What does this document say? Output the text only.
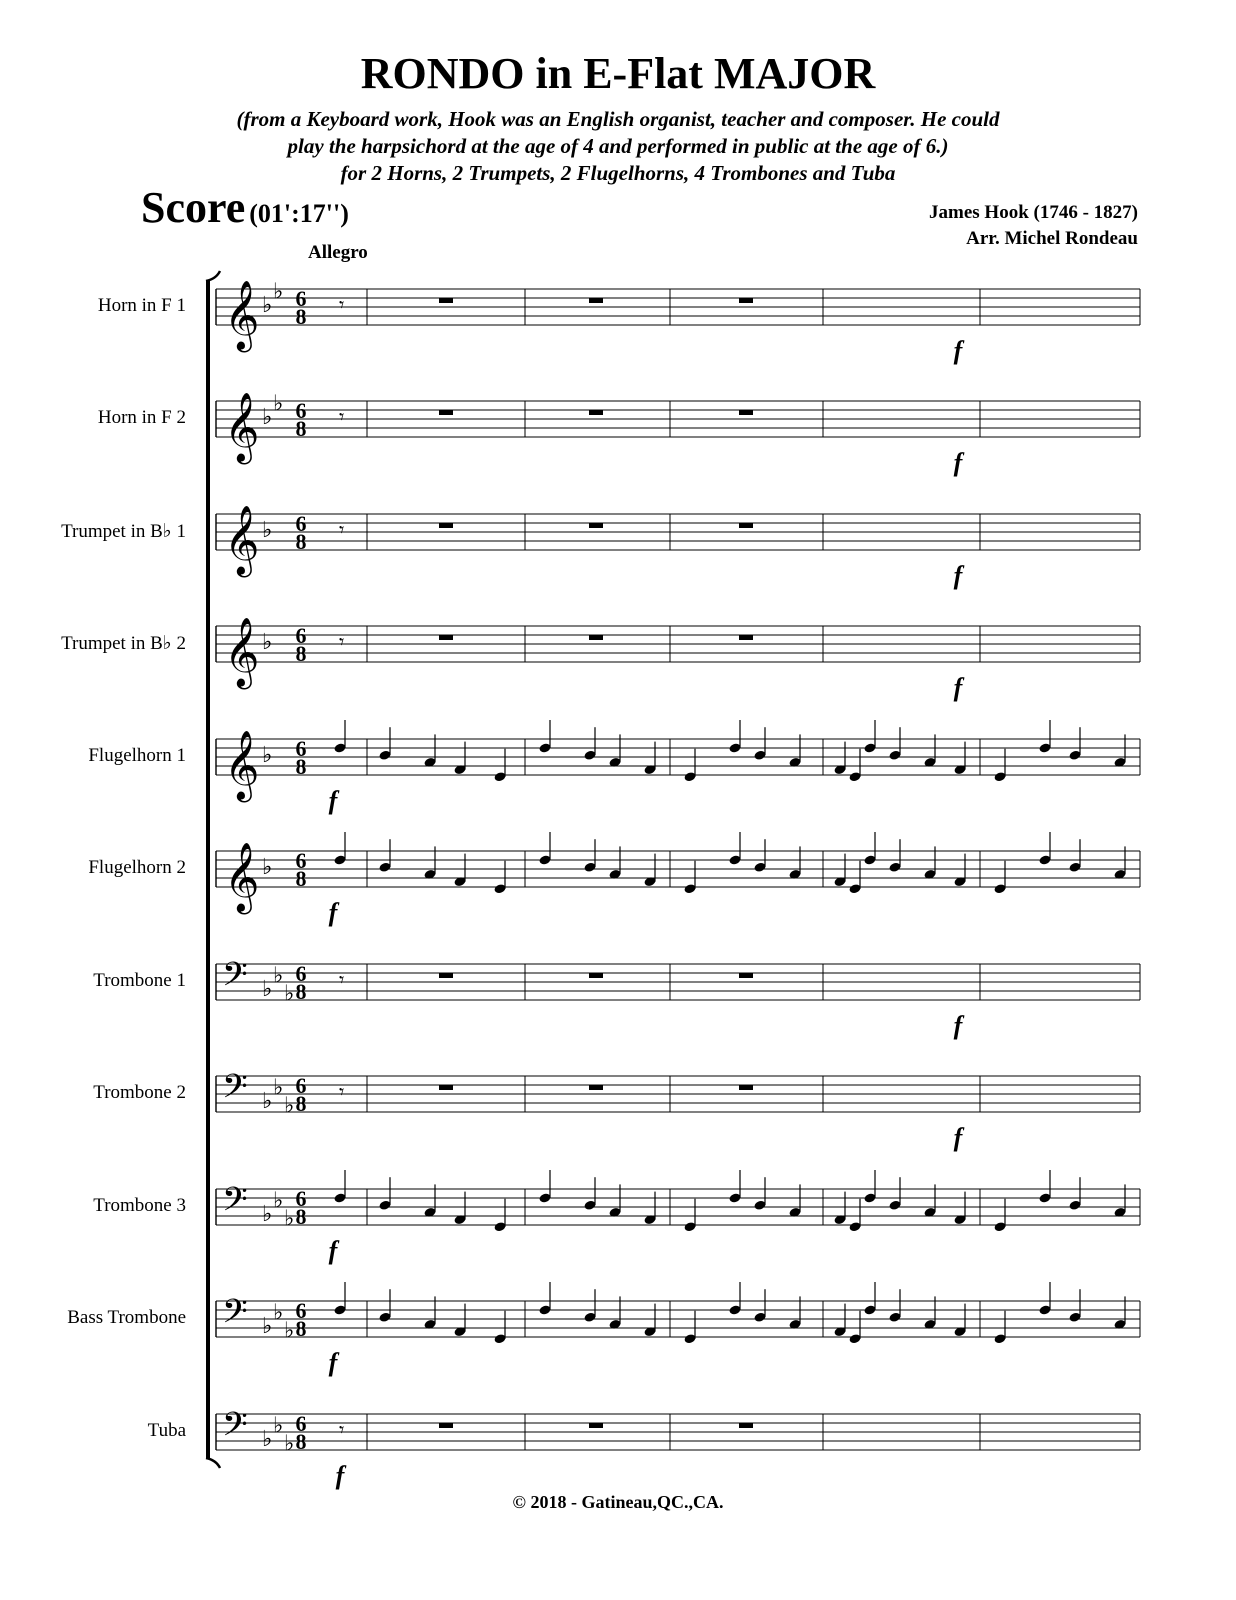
RONDO in E-Flat MAJOR
(from a Keyboard work, Hook was an English organist, teacher and composer. He could
play the harpsichord at the age of 4 and performed in public at the age of 6.)
for 2 Horns, 2 Trumpets, 2 Flugelhorns, 4 Trombones and Tuba
Score (01':17'')	James Hook (1746 - 1827)
Arr. Michel Rondeau
Allegro
Horn in F 1
Horn in F 2
Trumpet in B♭ 1
Trumpet in B♭ 2
Flugelhorn 1
Flugelhorn 2
Trombone 1
Trombone 2
Trombone 3
Bass Trombone
Tuba
𝄞 ♭
♭ 6
8 𝄾
f
𝄞 ♭
♭ 6
8 𝄾
f
𝄞 ♭ 6
8 𝄾
f
𝄞 ♭ 6
8 𝄾
f
𝄞 ♭ 6
8
f
𝄞 ♭ 6
8
f
𝄢 ♭
♭
♭
6
8 𝄾
f
𝄢 ♭
♭
♭
6
8 𝄾
f
𝄢 ♭
♭
♭
6
8
f
𝄢 ♭
♭
♭
6
8
f
𝄢 ♭
♭
♭
6
8 𝄾
f
© 2018 - Gatineau,QC.,CA.
